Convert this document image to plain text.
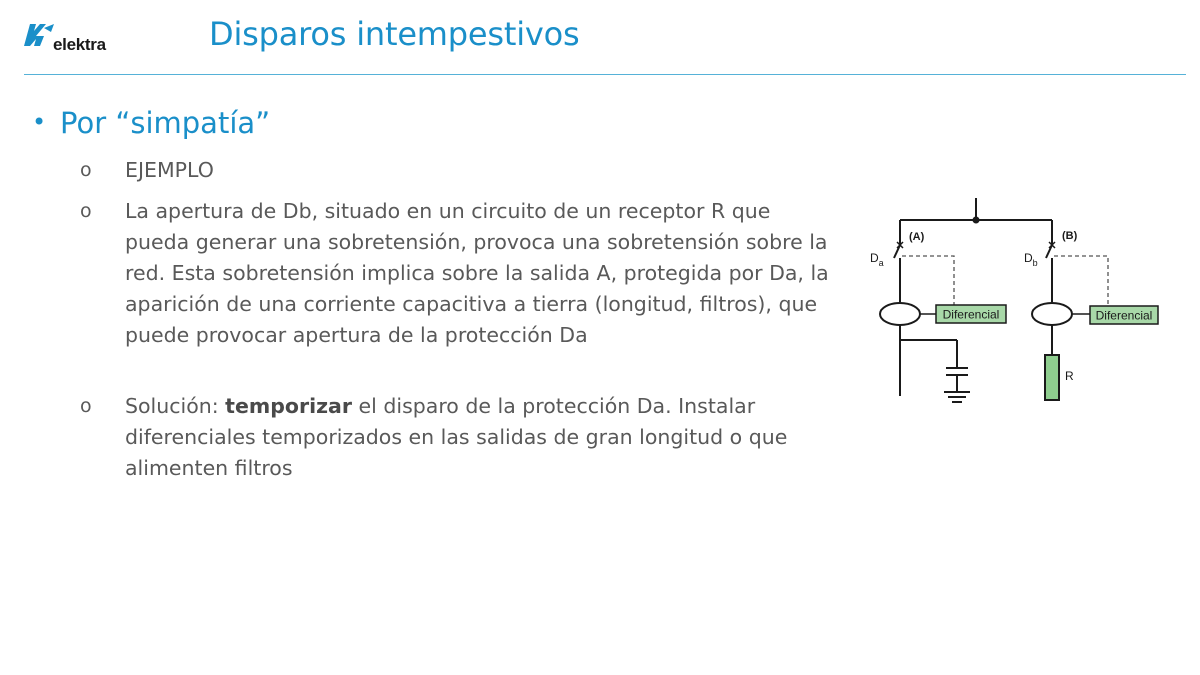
elektra	Disparos intempestivos
• Por “simpatía”
o	EJEMPLO
o	La apertura de Db, situado en un circuito de un receptor R que pueda generar una sobretensión, provoca una sobretensión sobre la red. Esta sobretensión implica sobre la salida A, protegida por Da, la aparición de una corriente capacitiva a tierra (longitud, filtros), que puede provocar apertura de la protección Da
o	Solución: temporizar el disparo de la protección Da. Instalar diferenciales temporizados en las salidas de gran longitud o que alimenten filtros
Diferencial	Diferencial
R
(A)	(B)
$D_a$	$D_b$
